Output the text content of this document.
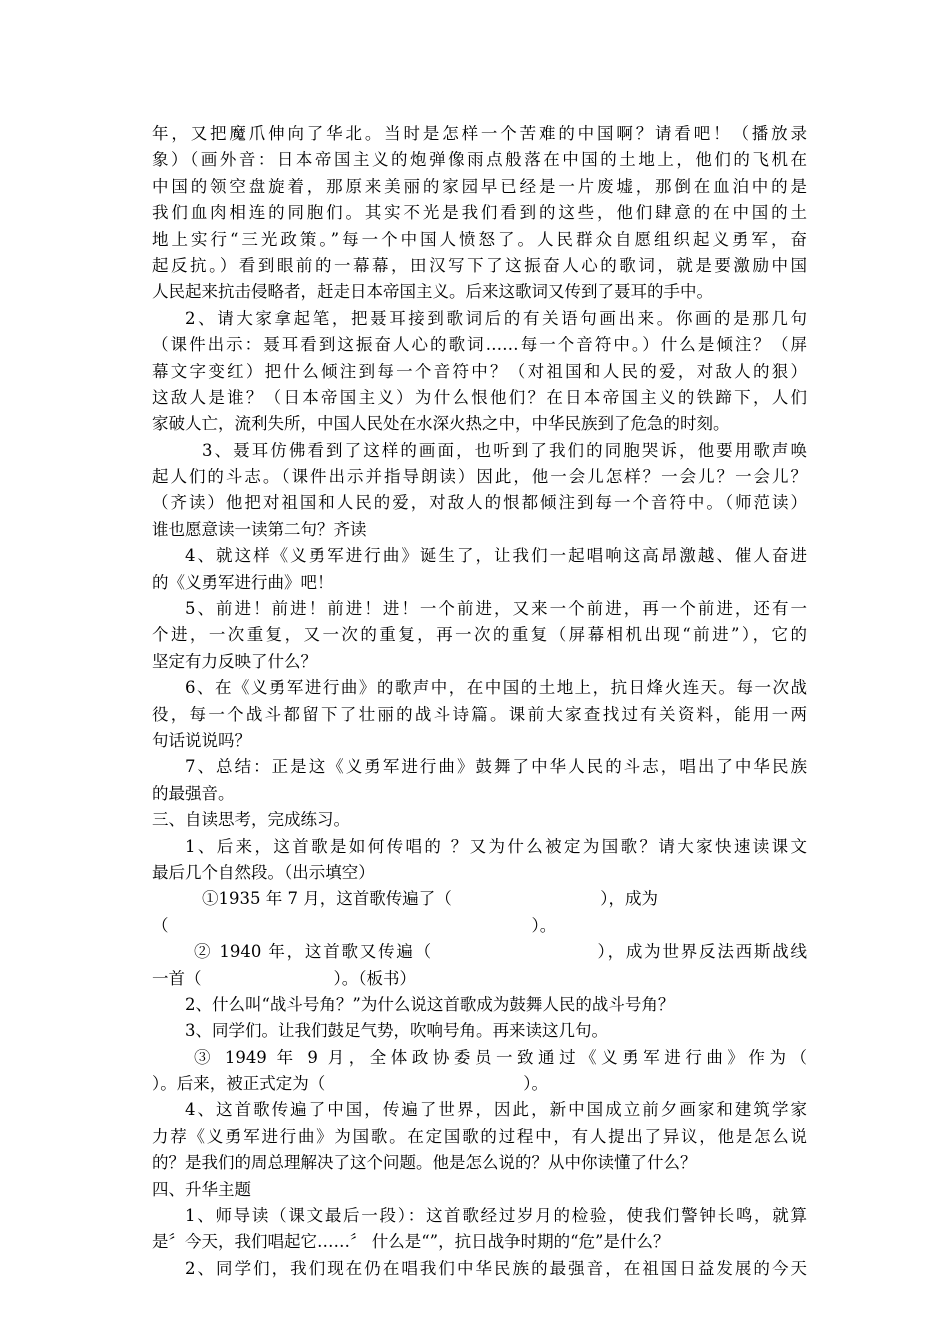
年，又把魔爪伸向了华北。当时是怎样一个苦难的中国啊？请看吧！（播放录
象）（画外音：日本帝国主义的炮弹像雨点般落在中国的土地上，他们的飞机在
中国的领空盘旋着，那原来美丽的家园早已经是一片废墟，那倒在血泊中的是
我们血肉相连的同胞们。其实不光是我们看到的这些，他们肆意的在中国的土
地上实行“三光政策。”每一个中国人愤怒了。人民群众自愿组织起义勇军，奋
起反抗。）看到眼前的一幕幕，田汉写下了这振奋人心的歌词，就是要激励中国
人民起来抗击侵略者，赶走日本帝国主义。后来这歌词又传到了聂耳的手中。
2、请大家拿起笔，把聂耳接到歌词后的有关语句画出来。你画的是那几句
（课件出示：聂耳看到这振奋人心的歌词……每一个音符中。）什么是倾注？（屏
幕文字变红）把什么倾注到每一个音符中？（对祖国和人民的爱，对敌人的狠）
这敌人是谁？（日本帝国主义）为什么恨他们？在日本帝国主义的铁蹄下，人们
家破人亡，流利失所，中国人民处在水深火热之中，中华民族到了危急的时刻。
3、聂耳仿佛看到了这样的画面，也听到了我们的同胞哭诉，他要用歌声唤
起人们的斗志。（课件出示并指导朗读）因此，他一会儿怎样？一会儿？一会儿？
（齐读）他把对祖国和人民的爱，对敌人的恨都倾注到每一个音符中。（师范读）
谁也愿意读一读第二句？齐读
4、就这样《义勇军进行曲》诞生了，让我们一起唱响这高昂激越、催人奋进
的《义勇军进行曲》吧！
5、前进！前进！前进！进！一个前进，又来一个前进，再一个前进，还有一
个进，一次重复，又一次的重复，再一次的重复（屏幕相机出现“前进”），它的
坚定有力反映了什么？
6、在《义勇军进行曲》的歌声中，在中国的土地上，抗日烽火连天。每一次战
役，每一个战斗都留下了壮丽的战斗诗篇。课前大家查找过有关资料，能用一两
句话说说吗？
7、总结：正是这《义勇军进行曲》鼓舞了中华人民的斗志，唱出了中华民族
的最强音。
三、自读思考，完成练习。
1、后来，这首歌是如何传唱的 ？又为什么被定为国歌？请大家快速读课文
最后几个自然段。（出示填空）
①1935 年 7 月，这首歌传遍了（　　　　　　　　　），成为
（　　　　　　　　　　　　　　　　　　　　　　）。
② 1940 年，这首歌又传遍（　　　　　　　　　），成为世界反法西斯战线
一首（　　　　　　　　）。（板书）
2、什么叫“战斗号角？”为什么说这首歌成为鼓舞人民的战斗号角？
3、同学们。让我们鼓足气势，吹响号角。再来读这几句。
③ 1949 年 9 月，全体政协委员一致通过《义勇军进行曲》作为（
）。后来，被正式定为（　　　　　　　　　　　　）。
4、这首歌传遍了中国，传遍了世界，因此，新中国成立前夕画家和建筑学家
力荐《义勇军进行曲》为国歌。在定国歌的过程中，有人提出了异议，他是怎么说
的？是我们的周总理解决了这个问题。他是怎么说的？从中你读懂了什么？
四、升华主题
1、师导读（课文最后一段）：这首歌经过岁月的检验，使我们警钟长鸣，就算
是〞今天，我们唱起它……〞 什么是“”，抗日战争时期的“危”是什么？
2、同学们，我们现在仍在唱我们中华民族的最强音，在祖国日益发展的今天
